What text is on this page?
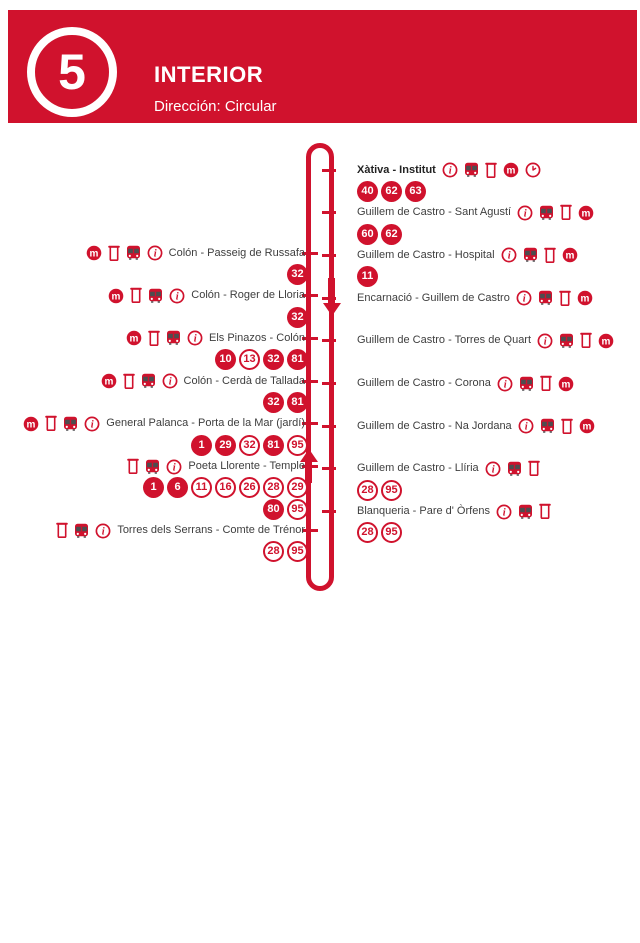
5	INTERIOR
Dirección: Circular
Xàtiva - Institut i	m
40	62	63
Guillem de Castro - Sant Agustí i	m
60	62
Guillem de Castro - Hospital i	m
11
Encarnació - Guillem de Castro i	m
Guillem de Castro - Torres de Quart i	m
Guillem de Castro - Corona i	m
Guillem de Castro - Na Jordana i	m
Guillem de Castro - Llíria i
28	95
Blanqueria - Pare d' Òrfens i
28	95
m	i Colón - Passeig de Russafa
32
m	i Colón - Roger de Lloria
32
m	i Els Pinazos - Colón
10	13	32	81
m	i Colón - Cerdà de Tallada
32	81
m	i General Palanca - Porta de la Mar (jardí)
1	29	32	81	95
i Poeta Llorente - Temple
1	6	11	16	26	28	29
80	95
i Torres dels Serrans - Comte de Trénor
28	95
